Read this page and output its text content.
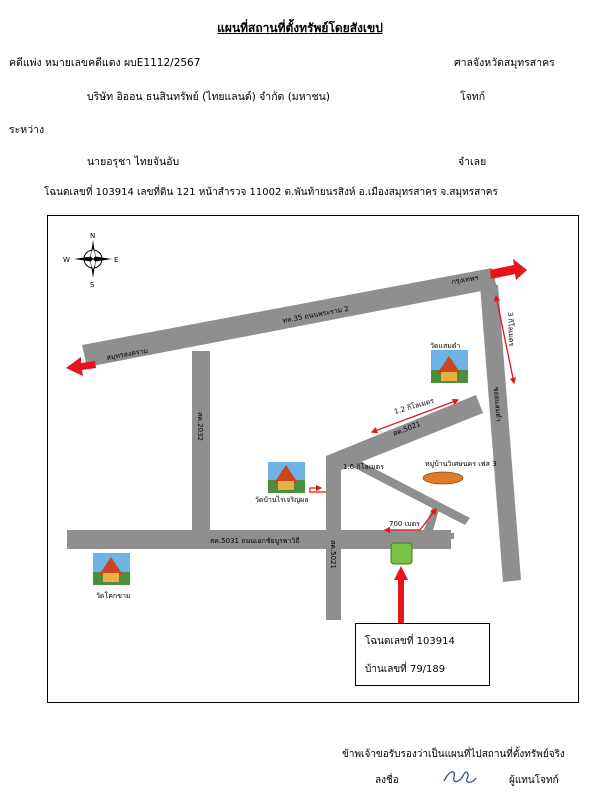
แผนที่สถานที่ตั้งทรัพย์โดยสังเขป
คดีแพ่ง หมายเลขคดีแดง ผบE1112/2567	ศาลจังหวัดสมุทรสาคร
บริษัท อิออน ธนสินทรัพย์ (ไทยแลนด์) จำกัด (มหาชน)	โจทก์
ระหว่าง
นายอรุชา ไทยจันอับ	จำเลย
โฉนดเลขที่ 103914 เลขที่ดิน 121 หน้าสำรวจ 11002 ต.พันท้ายนรสิงห์ อ.เมืองสมุทรสาคร จ.สมุทรสาคร
ทล.35 ถนนพระราม 2
กรุงเทพฯ
สมุทรสงคราม
สค.2032
สค.5031 ถนนเอกชัยบูรพาวิถี	สค.5021
สค.5021
ซอยแสมดำ
3 กิโลเมตร
1.2 กิโลเมตร
1.6 กิโลเมตร
700 เมตร
N
S
W	E
วัดแสมดำ
วัดบ้านไร่เจริญผล
วัดโคกขาม
หมู่บ้านวิเศษนคร เฟส 3
โฉนดเลขที่ 103914
บ้านเลขที่ 79/189
ข้าพเจ้าขอรับรองว่าเป็นแผนที่ไปสถานที่ตั้งทรัพย์จริง
ลงชื่อ	ผู้แทนโจทก์
